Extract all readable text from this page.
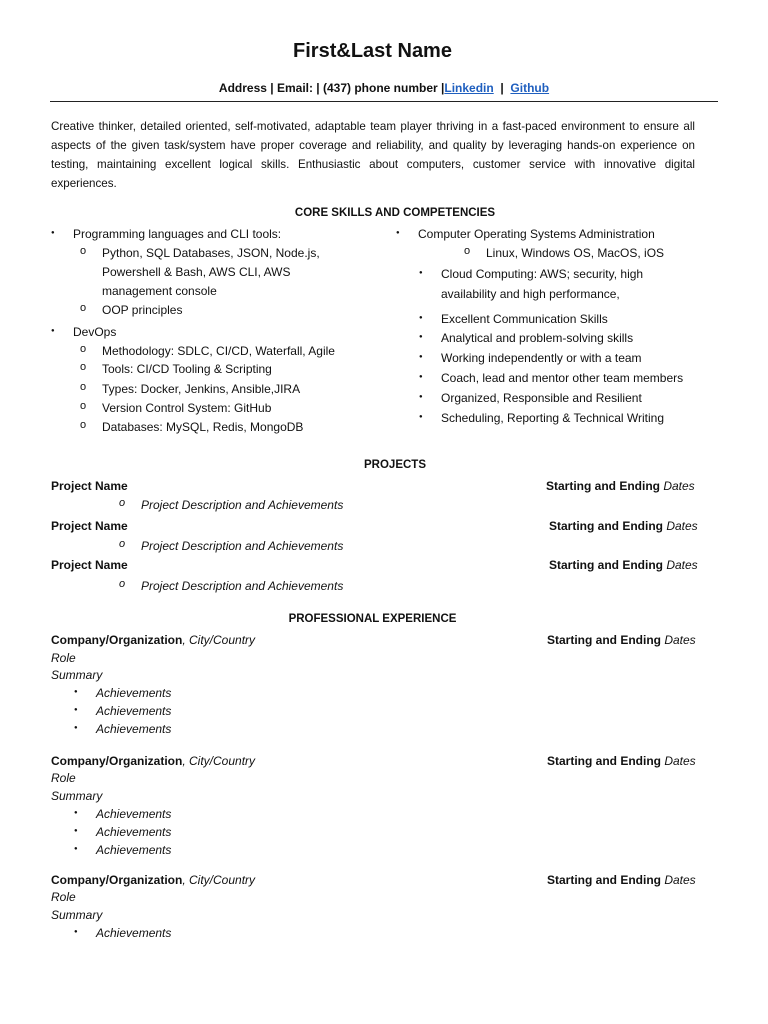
First&Last Name
Address | Email: | (437) phone number |Linkedin | Github
Creative thinker, detailed oriented, self-motivated, adaptable team player thriving in a fast-paced environment to ensure all aspects of the given task/system have proper coverage and reliability, and quality by leveraging hands-on experience on testing, maintaining excellent logical skills. Enthusiastic about computers, customer service with innovative digital experiences.
CORE SKILLS AND COMPETENCIES
● Programming languages and CLI tools:
o Python, SQL Databases, JSON, Node.js,
Powershell & Bash, AWS CLI, AWS
management console
o OOP principles
● DevOps
o Methodology: SDLC, CI/CD, Waterfall, Agile
o Tools: CI/CD Tooling & Scripting
o Types: Docker, Jenkins, Ansible,JIRA
o Version Control System: GitHub
o Databases: MySQL, Redis, MongoDB
● Computer Operating Systems Administration
o Linux, Windows OS, MacOS, iOS
● Cloud Computing: AWS; security, high
availability and high performance,
● Excellent Communication Skills
● Analytical and problem-solving skills
● Working independently or with a team
● Coach, lead and mentor other team members
● Organized, Responsible and Resilient
● Scheduling, Reporting & Technical Writing
PROJECTS
Project Name	Starting and Ending Dates
o Project Description and Achievements
Project Name	Starting and Ending Dates
o Project Description and Achievements
Project Name	Starting and Ending Dates
o Project Description and Achievements
PROFESSIONAL EXPERIENCE
Company/Organization, City/Country	Starting and Ending Dates
Role
Summary
● Achievements
● Achievements
● Achievements
Company/Organization, City/Country	Starting and Ending Dates
Role
Summary
● Achievements
● Achievements
● Achievements
Company/Organization, City/Country	Starting and Ending Dates
Role
Summary
● Achievements
